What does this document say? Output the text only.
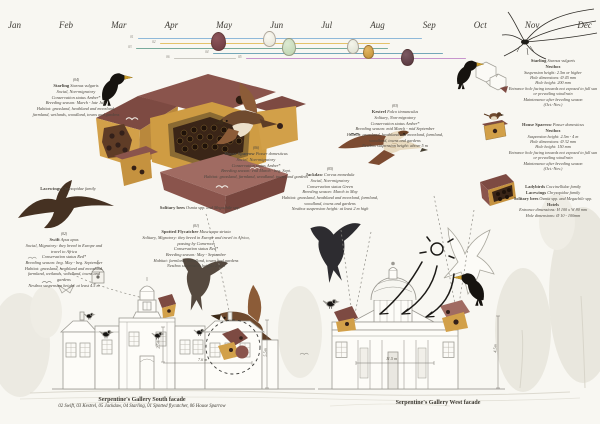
Jan	Feb	Mar	Apr	May	Jun	Jul	Aug	Sep	Oct	Nov	Dec
01
02
03
04
05
06
(04)
Starling Sturnus vulgaris
Social, Non-migratory
Conservation status Amber*
Breeding season: March - late July
Habitat: grassland, heathland and moorland, farmland, wetlands, woodland, towns and gardens
(06)
House Sparrow Passer domesticus
Social, Non-migratory
Conservation status Amber*
Breeding season: end March - beg. Sept.
Habitat: grassland, farmland, woodland, towns and gardens
(03)
Kestrel Falco tinnunculus
Solitary, Non-migratory
Conservation status Amber*
Breeding season: mid March - mid September
Habitat: grassland, heathland and moorland, farmland, woodland, towns and gardens
Nestbox suspension height: above 5 m
(05)
Jackdaw Corvus monedula
Social, Non-migratory
Conservation status Green
Breeding season: March to May
Habitat: grassland, heathland and moorland, farmland, woodland, towns and gardens
Nestbox suspension height: at least 2 m high
(02)
Swift Apus apus
Social, Migratory: they breed in Europe and travel to Africa
Conservation status Red*
Breeding season: beg. May - beg. September
Habitat: grassland, heathland and moorland, farmland, wetlands, woodland, towns and gardens
Nestbox suspension height: at least 4.5 m
(01)
Spotted Flycatcher Muscicapa striata
Solitary, Migratory: they breed in Europe and travel to Africa, passing by Cameroon
Conservation status Red*
Breeding season: May - September
Habitat: farmland, woodland, towns and gardens
Nestbox suspension height: 2-4 m
Solitary bees Osmia spp. and Megachile spp.
Lacewings Chrysopidae family
Starling Sturnus vulgaris
Nestbox
Suspension height: 2.5m or higher
Hole dimensions: Ø 45 mm
Hole height: 200 mm
Entrance hole facing towards not exposed to full sun or prevailing wind/rain
Maintenance after breeding season
(Oct.-Nov.)
House Sparrow Passer domesticus
Nestbox
Suspension height: 2.5m - 4 m
Hole dimensions: Ø 32 mm
Hole height: 150 mm
Entrance hole facing towards not exposed to full sun or prevailing wind/rain
Maintenance after breeding season
(Oct.-Nov.)
Ladybirds Coccinellidae family
Lacewings Chrysopidae family
Solitary bees Osmia spp. and Megachile spp.
Hotels
Entrance dimensions: H 100 x W 80 mm
Hole dimensions: Ø 10 - 100mm
2.5m
7.6 m
5.5m
11.5 m
4.5m
Serpentine's Gallery South facade
02 Swift, 03 Kestrel, 05 Jackdaw, 04 Starling, 01 Spotted flycatcher, 06 House Sparrow
Serpentine's Gallery West facade
